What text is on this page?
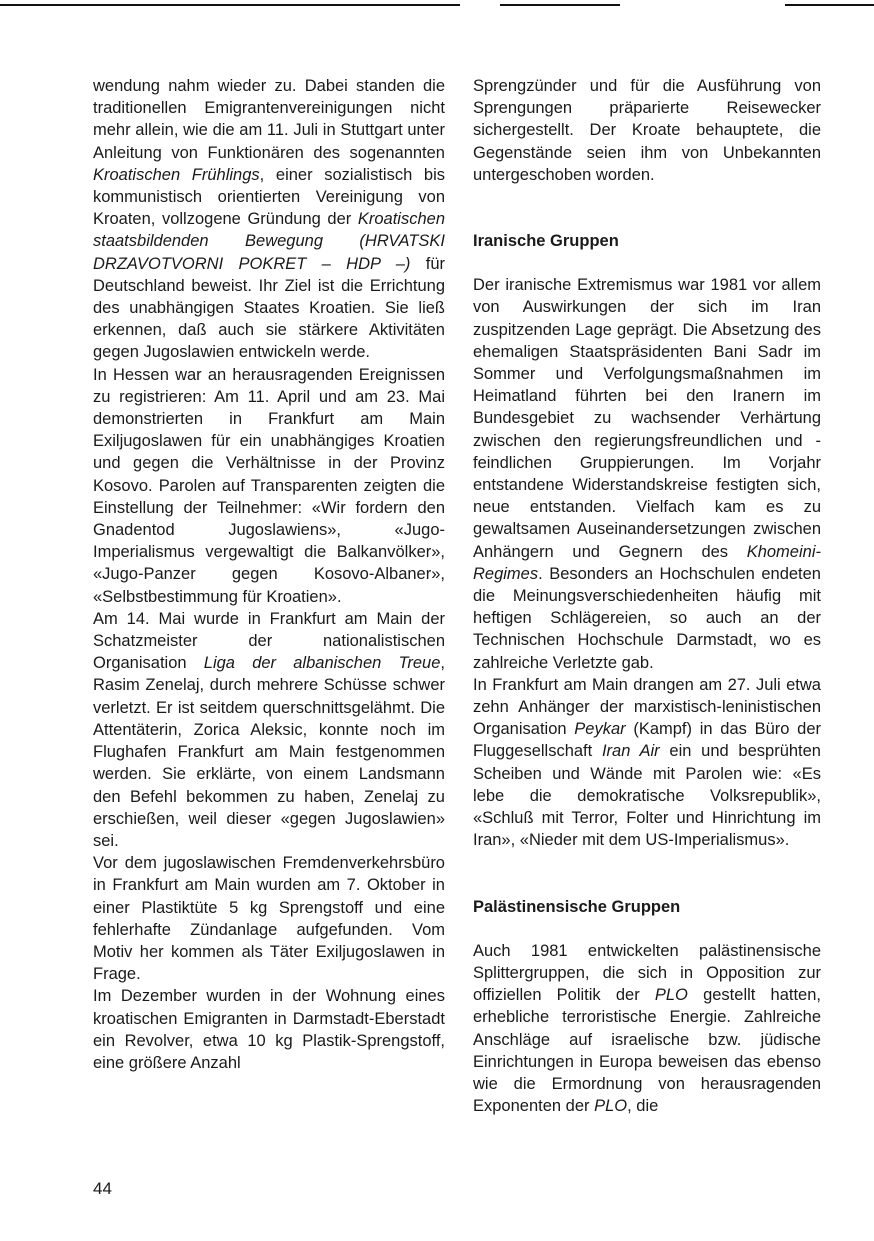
wendung nahm wieder zu. Dabei standen die traditionellen Emigrantenvereinigungen nicht mehr allein, wie die am 11. Juli in Stuttgart unter Anleitung von Funktionären des sogenannten Kroatischen Frühlings, einer sozialistisch bis kommunistisch orientierten Vereinigung von Kroaten, vollzogene Gründung der Kroatischen staatsbildenden Bewegung (HRVATSKI DRZAVOTVORNI POKRET – HDP –) für Deutschland beweist. Ihr Ziel ist die Errichtung des unabhängigen Staates Kroatien. Sie ließ erkennen, daß auch sie stärkere Aktivitäten gegen Jugoslawien entwickeln werde.

In Hessen war an herausragenden Ereignissen zu registrieren: Am 11. April und am 23. Mai demonstrierten in Frankfurt am Main Exiljugoslawen für ein unabhängiges Kroatien und gegen die Verhältnisse in der Provinz Kosovo. Parolen auf Transparenten zeigten die Einstellung der Teilnehmer: «Wir fordern den Gnadentod Jugoslawiens», «Jugo-Imperialismus vergewaltigt die Balkanvölker», «Jugo-Panzer gegen Kosovo-Albaner», «Selbstbestimmung für Kroatien».

Am 14. Mai wurde in Frankfurt am Main der Schatzmeister der nationalistischen Organisation Liga der albanischen Treue, Rasim Zenelaj, durch mehrere Schüsse schwer verletzt. Er ist seitdem querschnittsgelähmt. Die Attentäterin, Zorica Aleksic, konnte noch im Flughafen Frankfurt am Main festgenommen werden. Sie erklärte, von einem Landsmann den Befehl bekommen zu haben, Zenelaj zu erschießen, weil dieser «gegen Jugoslawien» sei.

Vor dem jugoslawischen Fremdenverkehrsbüro in Frankfurt am Main wurden am 7. Oktober in einer Plastiktüte 5 kg Sprengstoff und eine fehlerhafte Zündanlage aufgefunden. Vom Motiv her kommen als Täter Exiljugoslawen in Frage.

Im Dezember wurden in der Wohnung eines kroatischen Emigranten in Darmstadt-Eberstadt ein Revolver, etwa 10 kg Plastik-Sprengstoff, eine größere Anzahl

Sprengzünder und für die Ausführung von Sprengungen präparierte Reisewecker sichergestellt. Der Kroate behauptete, die Gegenstände seien ihm von Unbekannten untergeschoben worden.

Iranische Gruppen

Der iranische Extremismus war 1981 vor allem von Auswirkungen der sich im Iran zuspitzenden Lage geprägt. Die Absetzung des ehemaligen Staatspräsidenten Bani Sadr im Sommer und Verfolgungsmaßnahmen im Heimatland führten bei den Iranern im Bundesgebiet zu wachsender Verhärtung zwischen den regierungsfreundlichen und -feindlichen Gruppierungen. Im Vorjahr entstandene Widerstandskreise festigten sich, neue entstanden. Vielfach kam es zu gewaltsamen Auseinandersetzungen zwischen Anhängern und Gegnern des Khomeini-Regimes. Besonders an Hochschulen endeten die Meinungsverschiedenheiten häufig mit heftigen Schlägereien, so auch an der Technischen Hochschule Darmstadt, wo es zahlreiche Verletzte gab.

In Frankfurt am Main drangen am 27. Juli etwa zehn Anhänger der marxistisch-leninistischen Organisation Peykar (Kampf) in das Büro der Fluggesellschaft Iran Air ein und besprühten Scheiben und Wände mit Parolen wie: «Es lebe die demokratische Volksrepublik», «Schluß mit Terror, Folter und Hinrichtung im Iran», «Nieder mit dem US-Imperialismus».

Palästinensische Gruppen

Auch 1981 entwickelten palästinensische Splittergruppen, die sich in Opposition zur offiziellen Politik der PLO gestellt hatten, erhebliche terroristische Energie. Zahlreiche Anschläge auf israelische bzw. jüdische Einrichtungen in Europa beweisen das ebenso wie die Ermordnung von herausragenden Exponenten der PLO, die

44
